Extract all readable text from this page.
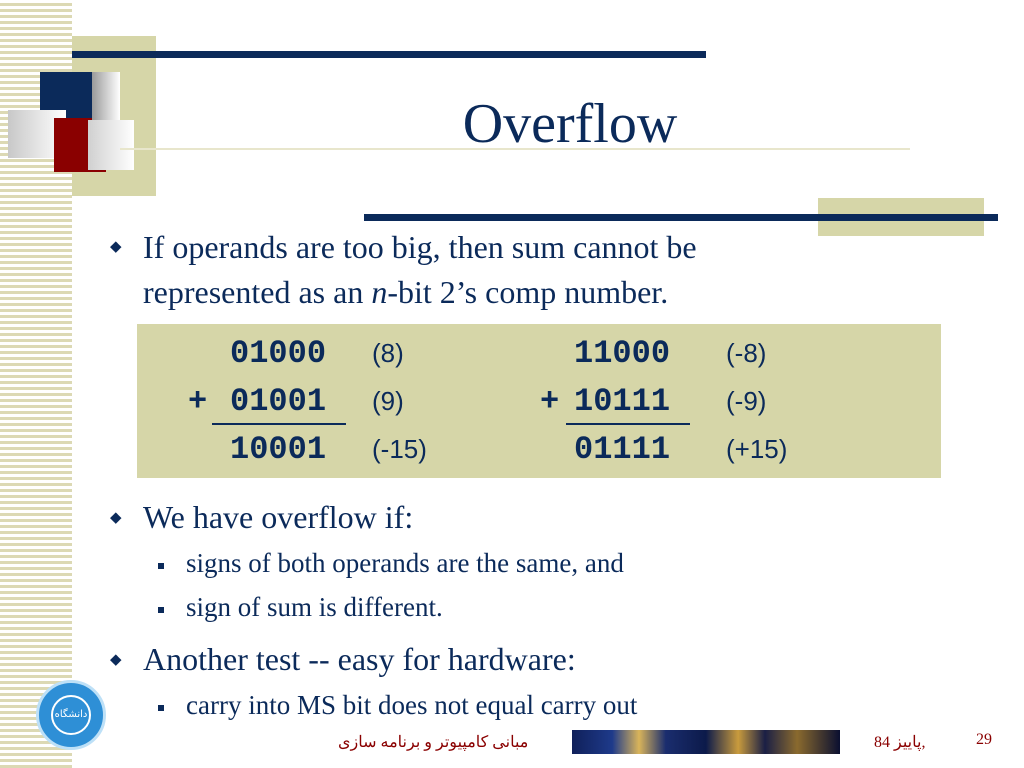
Overflow
◆ If operands are too big, then sum cannot be
represented as an n-bit 2’s comp number.
01000 (8)
+ 01001 (9)
10001 (-15)
11000 (-8)
+ 10111 (-9)
01111 (+15)
◆ We have overflow if:
signs of both operands are the same, and
sign of sum is different.
◆ Another test -- easy for hardware:
carry into MS bit does not equal carry out
دانشگاه
مبانی کامپیوتر و برنامه سازی	پاییز 84,	29
